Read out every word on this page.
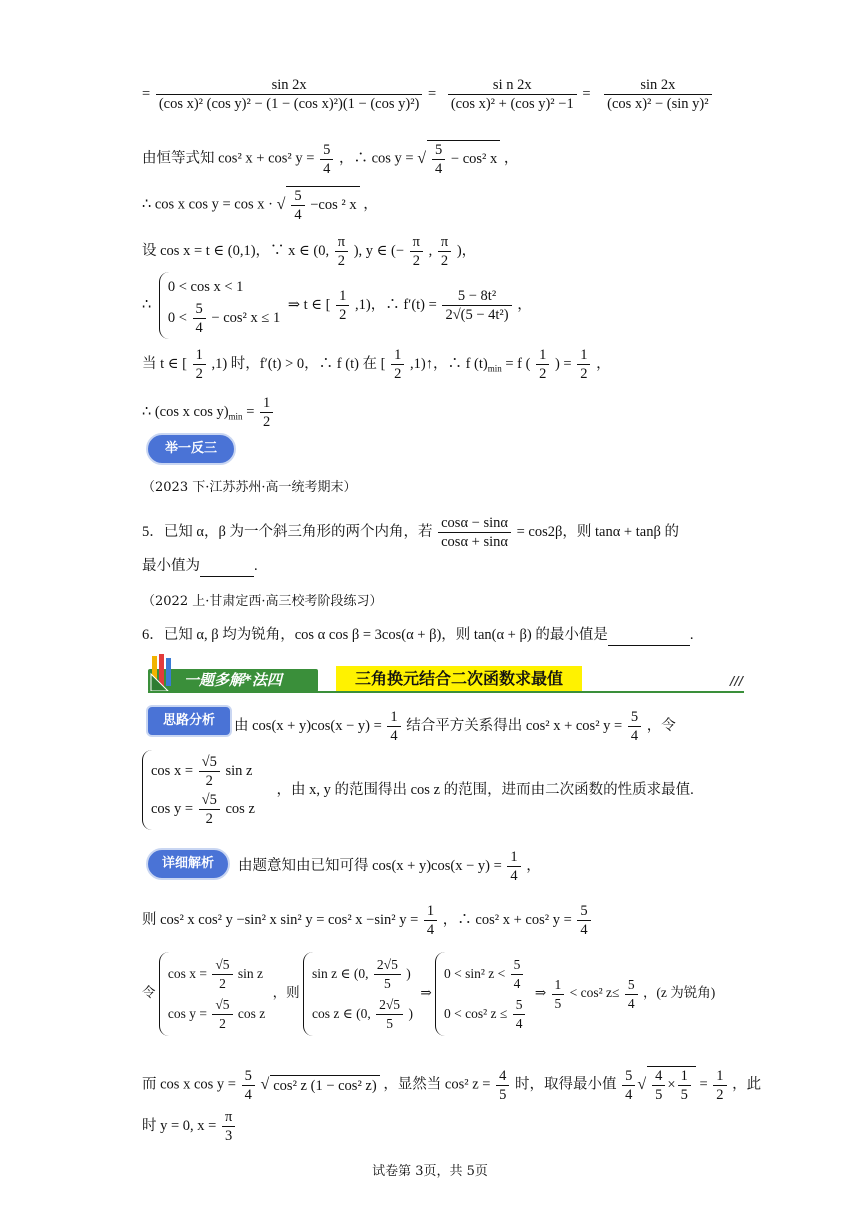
= $\frac{\sin 2x}{\text{(cos x)² (cos y)² − (1 − (cos x)²)(1 − (cos y)²)}} = \frac{\text{si n 2x}}{\text{(cos x)² + (cos y)² −1}} = \frac{\sin 2x}{\text{(cos x)² − (sin y)²}}$
由恒等式知 cos² x + cos² $y = \frac{5}{4}$ ，∴ cos y = √ $\frac{5}{4} - \cos^2$ x ，
∴ cos x cos y = cos x · √ $\frac{5}{4} -\cos$ ² x ，
设 cos x = t ∈ (0,1)，∵ x ∈ (0, $\frac{\pi}{2}$ ), y ∈ (− $\frac{\pi}{2}$ , $\frac{\pi}{2}$ )，
∴
0 < cos x < 1
$0 < \frac{5}{4} - \cos^2$ x ≤ 1
⇒ t ∈ [ $\frac{1}{2} ,1$)，∴ $f'(t) = \frac{\text{5 − 8t²}}{\text{2√(5 − 4t²)}}$ ，
当 t ∈ [ $\frac{1}{2} ,1$) 时，f′(t) > 0，∴ f (t) 在 [ $\frac{1}{2}$ ,1)↑，∴ f $(t)_{min} = f$ ( $\frac{1}{2}$ ) = $\frac{1}{2}$ ，
∴ (cos x $\cos y)_{min} = \frac{1}{2}$
举一反三
（2023 下·江苏苏州·高一统考期末）
5．已知 α，β 为一个斜三角形的两个内角，若 $\frac{\cos\alpha - \sin\alpha}{\cos\alpha + \sin\alpha} = \cos 2\beta$，则 tanα + tanβ 的
最小值为	.
（2022 上·甘肃定西·高三校考阶段练习）
6．已知 α, β 均为锐角，cos α cos β = 3cos(α + β)，则 tan(α + β) 的最小值是	.
一题多解*法四	三角换元结合二次函数求最值	///
思路分析	由 $\cos(x + y)\cos(x - y) = \frac{1}{4}$ 结合平方关系得出 cos² x + cos² $y = \frac{5}{4}$ ，令
$\cos x = \frac{√5}{2}$ sin z
$\cos y = \frac{√5}{2}$ cos z
，由 x, y 的范围得出 cos z 的范围，进而由二次函数的性质求最值.
详细解析	由题意知由已知可得 $\cos(x + y)\cos(x - y) = \frac{1}{4}$ ，
则 cos² x cos² y −sin² x sin² y = cos² x −sin² $y = \frac{1}{4}$ ，∴ cos² x + cos² $y = \frac{5}{4}$
令
$\cos x = \frac{√5}{2}$ sin z
$\cos y = \frac{√5}{2}$ cos z
，则
sin z ∈ (0, $\frac{2√5}{5}$ )
cos z ∈ (0, $\frac{2√5}{5}$ )
⇒
0 < sin² $z < \frac{5}{4}$
0 < cos² $z \le \frac{5}{4}$
⇒ $\frac{1}{5} < \cos^2$ $z\le \frac{5}{4}$ ，(z 为锐角)
而 cos x $\cos y = \frac{5}{4}$ √ cos² z (1 − cos² z) ，显然当 cos² $z = \frac{4}{5}$ 时，取得最小值 $\frac{5}{4}$ √ $\frac{4}{5} \times \frac{1}{5} = \frac{1}{2}$ ，此
时 y = 0, $x = \frac{\pi}{3}$
试卷第 3页，共 5页
